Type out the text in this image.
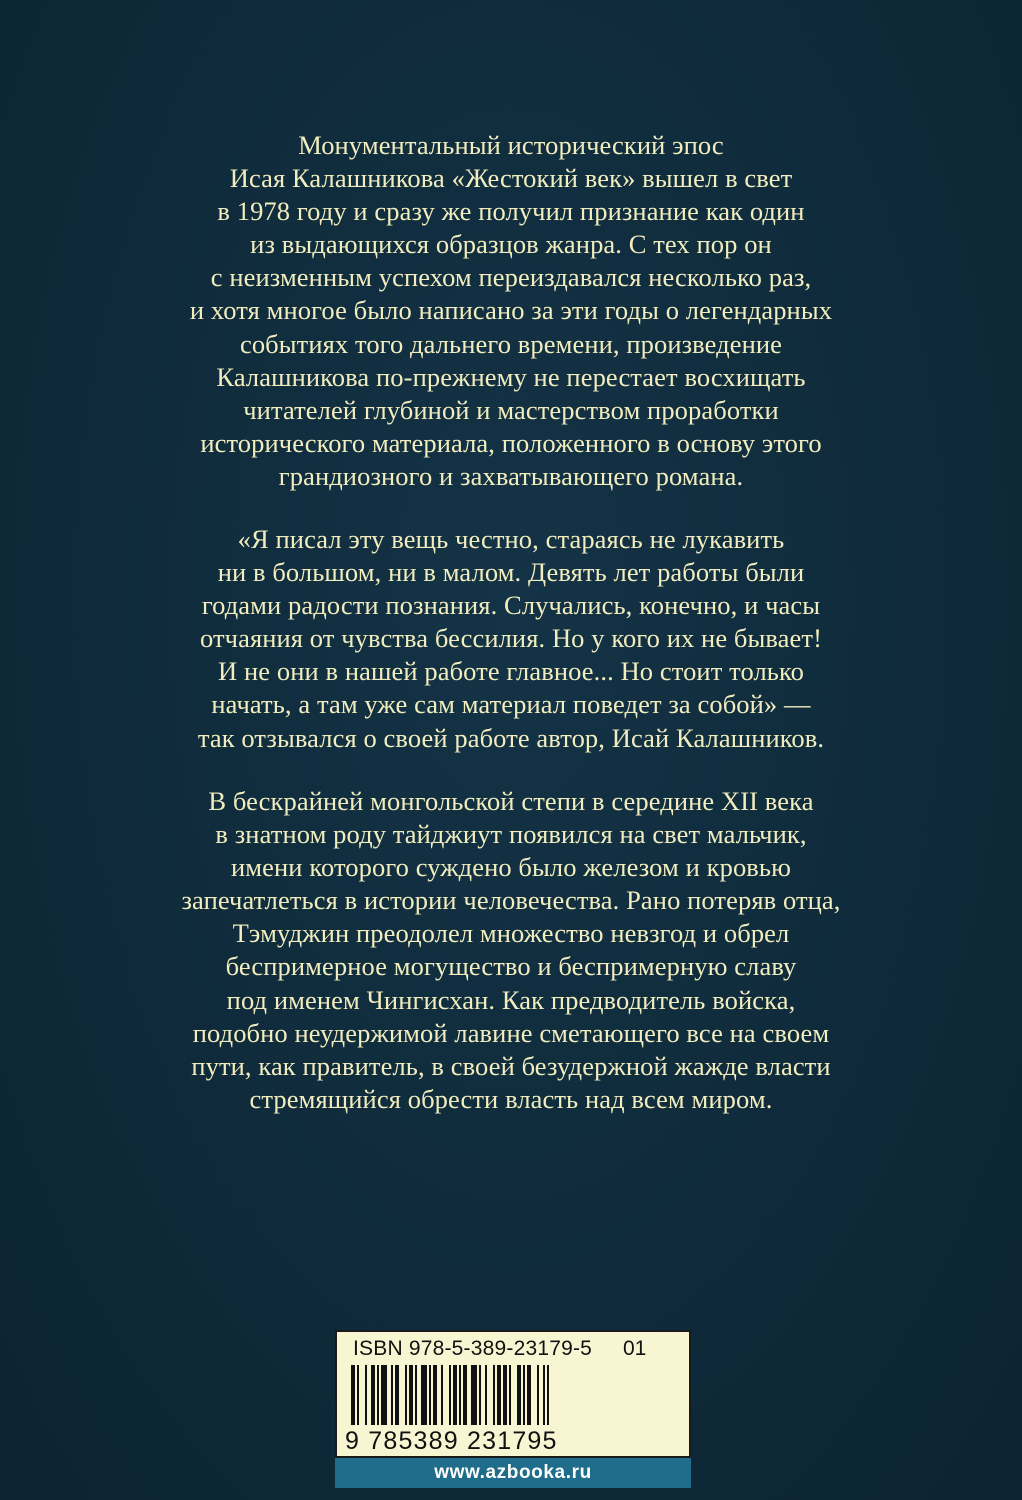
Монументальный исторический эпос
Исая Калашникова «Жестокий век» вышел в свет
в 1978 году и сразу же получил признание как один
из выдающихся образцов жанра. С тех пор он
с неизменным успехом переиздавался несколько раз,
и хотя многое было написано за эти годы о легендарных
событиях того дальнего времени, произведение
Калашникова по-прежнему не перестает восхищать
читателей глубиной и мастерством проработки
исторического материала, положенного в основу этого
грандиозного и захватывающего романа.
«Я писал эту вещь честно, стараясь не лукавить
ни в большом, ни в малом. Девять лет работы были
годами радости познания. Случались, конечно, и часы
отчаяния от чувства бессилия. Но у кого их не бывает!
И не они в нашей работе главное... Но стоит только
начать, а там уже сам материал поведет за собой» —
так отзывался о своей работе автор, Исай Калашников.
В бескрайней монгольской степи в середине XII века
в знатном роду тайджиут появился на свет мальчик,
имени которого суждено было железом и кровью
запечатлеться в истории человечества. Рано потеряв отца,
Тэмуджин преодолел множество невзгод и обрел
беспримерное могущество и беспримерную славу
под именем Чингисхан. Как предводитель войска,
подобно неудержимой лавине сметающего все на своем
пути, как правитель, в своей безудержной жажде власти
стремящийся обрести власть над всем миром.
ISBN 978-5-389-23179-5 01
9 785389 231795
www.azbooka.ru
